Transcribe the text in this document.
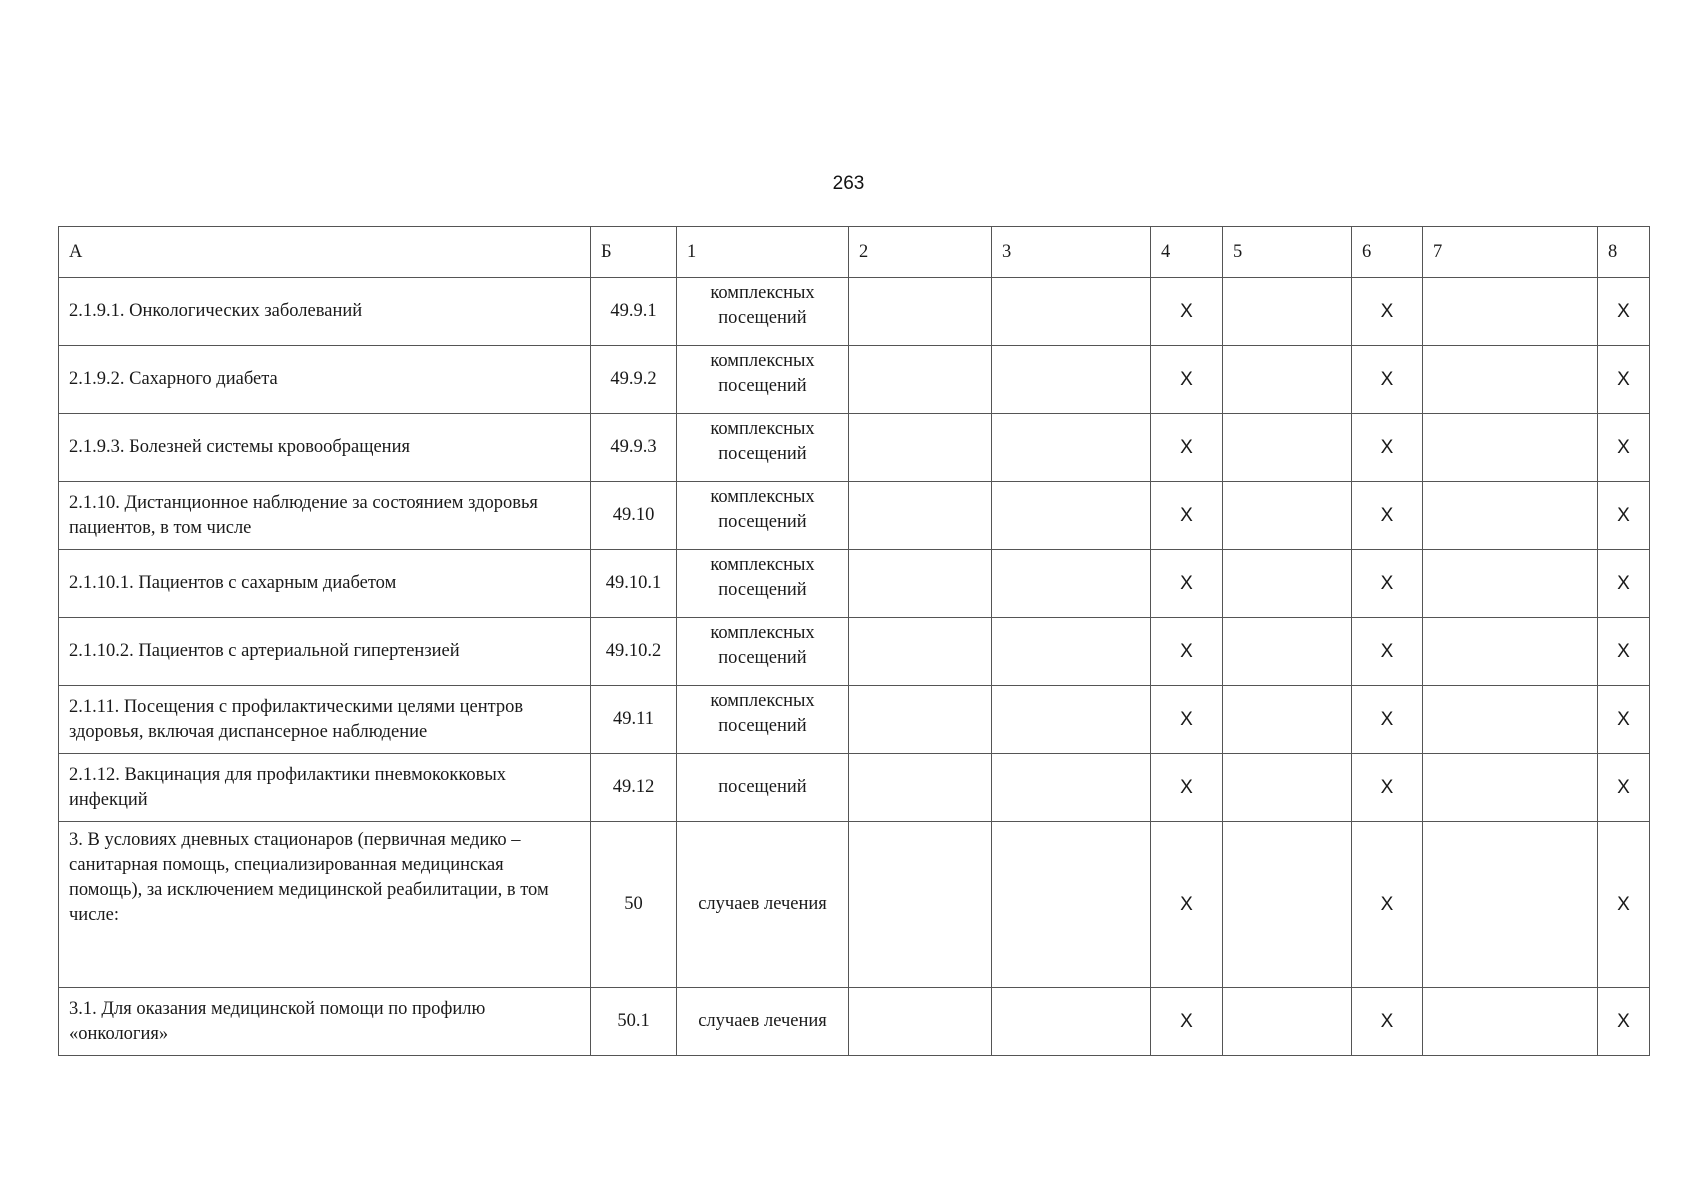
263
А	Б	1	2	3	4	5	6	7	8
2.1.9.1. Онкологических заболеваний	49.9.1	комплексных посещений			Х		Х		Х
2.1.9.2. Сахарного диабета	49.9.2	комплексных посещений			Х		Х		Х
2.1.9.3. Болезней системы кровообращения	49.9.3	комплексных посещений			Х		Х		Х
2.1.10. Дистанционное наблюдение за состоянием здоровья пациентов, в том числе	49.10	комплексных посещений			Х		Х		Х
2.1.10.1. Пациентов с сахарным диабетом	49.10.1	комплексных посещений			Х		Х		Х
2.1.10.2. Пациентов с артериальной гипертензией	49.10.2	комплексных посещений			Х		Х		Х
2.1.11. Посещения с профилактическими целями центров здоровья, включая диспансерное наблюдение	49.11	комплексных посещений			Х		Х		Х
2.1.12. Вакцинация для профилактики пневмококковых инфекций	49.12	посещений			Х		Х		Х
3. В условиях дневных стационаров (первичная медико – санитарная помощь, специализированная медицинская помощь), за исключением медицинской реабилитации, в том числе:	50	случаев лечения			Х		Х		Х
3.1. Для оказания медицинской помощи по профилю «онкология»	50.1	случаев лечения			Х		Х		Х
